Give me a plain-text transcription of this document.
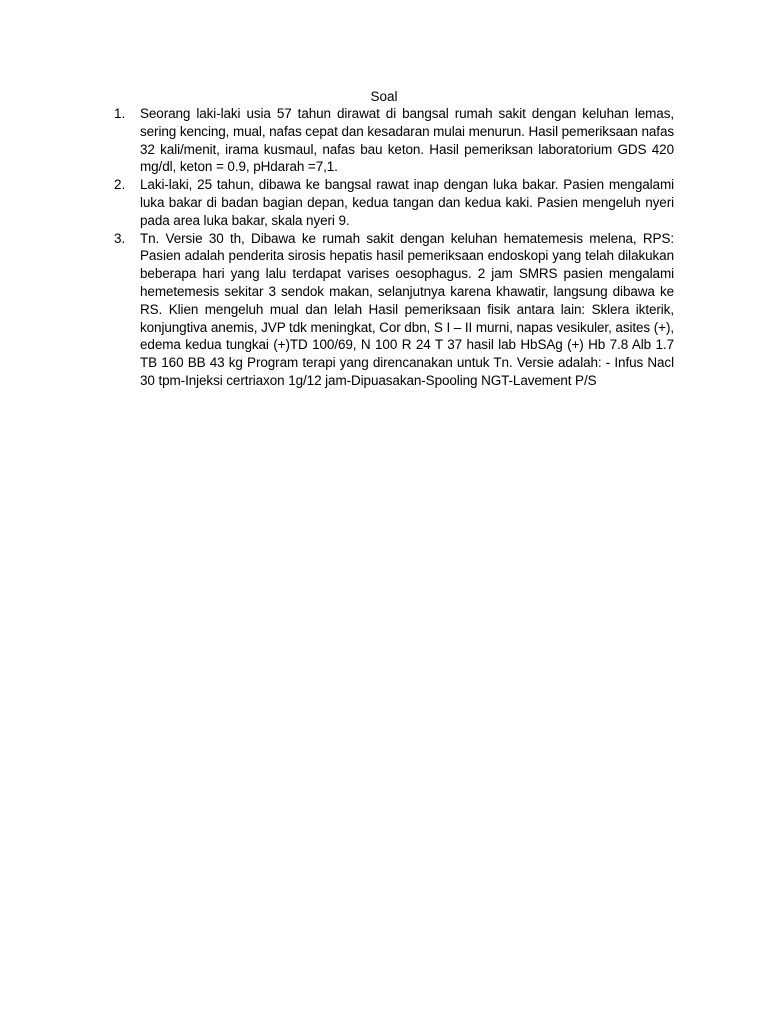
Soal
1. Seorang laki-laki usia 57 tahun dirawat di bangsal rumah sakit dengan keluhan lemas, sering kencing, mual, nafas cepat dan kesadaran mulai menurun. Hasil pemeriksaan nafas 32 kali/menit, irama kusmaul, nafas bau keton. Hasil pemeriksan laboratorium GDS 420 mg/dl, keton = 0.9, pHdarah =7,1.
2. Laki-laki, 25 tahun, dibawa ke bangsal rawat inap dengan luka bakar. Pasien mengalami luka bakar di badan bagian depan, kedua tangan dan kedua kaki. Pasien mengeluh nyeri pada area luka bakar, skala nyeri 9.
3. Tn. Versie 30 th, Dibawa ke rumah sakit dengan keluhan hematemesis melena, RPS: Pasien adalah penderita sirosis hepatis hasil pemeriksaan endoskopi yang telah dilakukan beberapa hari yang lalu terdapat varises oesophagus. 2 jam SMRS pasien mengalami hemetemesis sekitar 3 sendok makan, selanjutnya karena khawatir, langsung dibawa ke RS. Klien mengeluh mual dan lelah Hasil pemeriksaan fisik antara lain: Sklera ikterik, konjungtiva anemis, JVP tdk meningkat, Cor dbn, S I – II murni, napas vesikuler, asites (+), edema kedua tungkai (+)TD 100/69, N 100 R 24 T 37 hasil lab HbSAg (+) Hb 7.8 Alb 1.7 TB 160 BB 43 kg Program terapi yang direncanakan untuk Tn. Versie adalah: - Infus Nacl 30 tpm-Injeksi certriaxon 1g/12 jam-Dipuasakan-Spooling NGT-Lavement P/S
